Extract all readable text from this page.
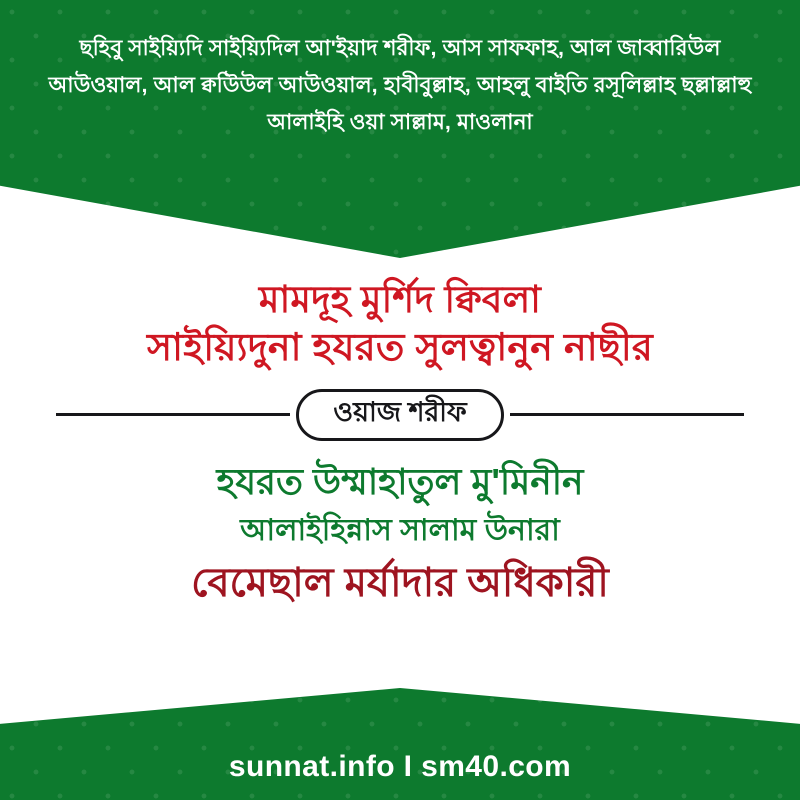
ছহিবু সাইয়্যিদি সাইয়্যিদিল আ'ইয়াদ শরীফ, আস সাফফাহ, আল জাব্বারিউল আউওয়াল, আল ক্বউিউল আউওয়াল, হাবীবুল্লাহ, আহলু বাইতি রসূলিল্লাহ ছল্লাল্লাহু আলাইহি ওয়া সাল্লাম, মাওলানা
মামদূহ মুর্শিদ ক্বিবলা
সাইয়্যিদুনা হযরত সুলত্বানুন নাছীর
ওয়াজ শরীফ
হযরত উম্মাহাতুল মু'মিনীন
আলাইহিন্নাস সালাম উনারা
বেমেছাল মর্যাদার অধিকারী
sunnat.info I sm40.com
